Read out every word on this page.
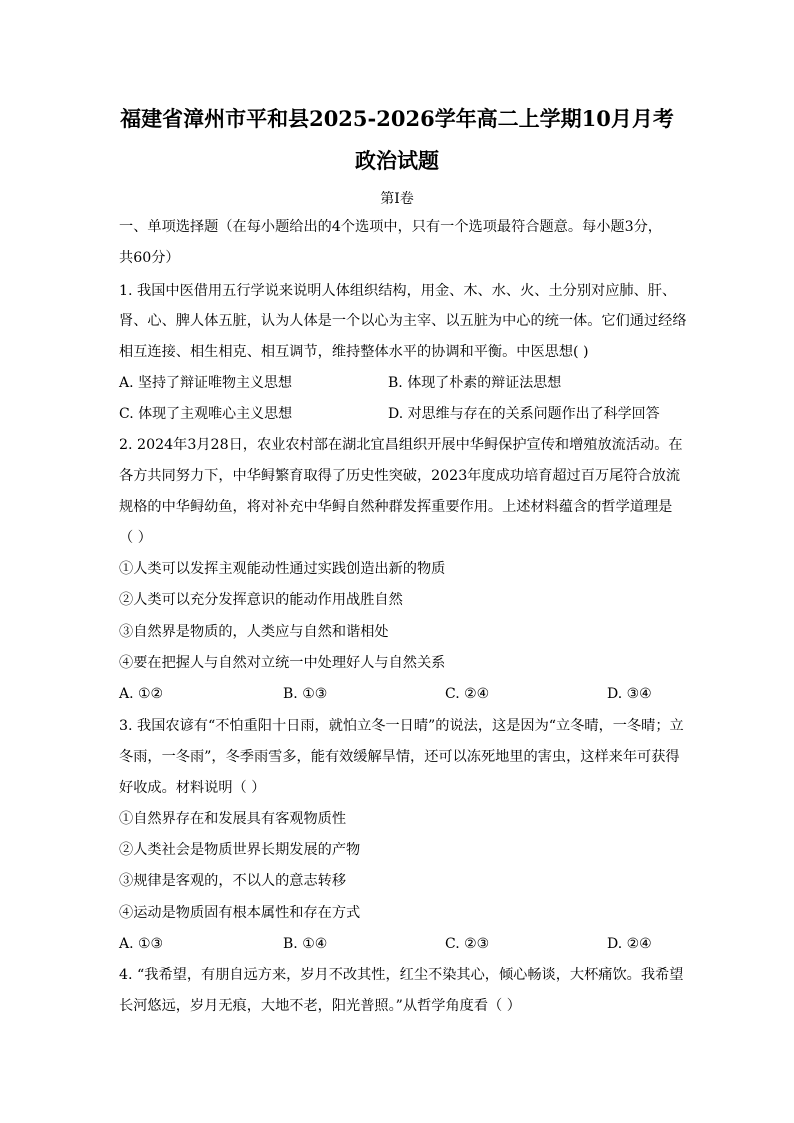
福建省漳州市平和县2025-2026学年高二上学期10月月考
政治试题
第I卷
一、单项选择题（在每小题给出的4个选项中，只有一个选项最符合题意。每小题3分，
共60分）
1. 我国中医借用五行学说来说明人体组织结构，用金、木、水、火、土分别对应肺、肝、
肾、心、脾人体五脏，认为人体是一个以心为主宰、以五脏为中心的统一体。它们通过经络
相互连接、相生相克、相互调节，维持整体水平的协调和平衡。中医思想( )
A. 坚持了辩证唯物主义思想	B. 体现了朴素的辩证法思想
C. 体现了主观唯心主义思想	D. 对思维与存在的关系问题作出了科学回答
2. 2024年3月28日，农业农村部在湖北宜昌组织开展中华鲟保护宣传和增殖放流活动。在
各方共同努力下，中华鲟繁育取得了历史性突破，2023年度成功培育超过百万尾符合放流
规格的中华鲟幼鱼，将对补充中华鲟自然种群发挥重要作用。上述材料蕴含的哲学道理是
（ ）
①人类可以发挥主观能动性通过实践创造出新的物质
②人类可以充分发挥意识的能动作用战胜自然
③自然界是物质的，人类应与自然和谐相处
④要在把握人与自然对立统一中处理好人与自然关系
A. ①②	B. ①③	C. ②④	D. ③④
3. 我国农谚有“不怕重阳十日雨，就怕立冬一日晴”的说法，这是因为“立冬晴，一冬晴；立
冬雨，一冬雨”，冬季雨雪多，能有效缓解旱情，还可以冻死地里的害虫，这样来年可获得
好收成。材料说明（ ）
①自然界存在和发展具有客观物质性
②人类社会是物质世界长期发展的产物
③规律是客观的，不以人的意志转移
④运动是物质固有根本属性和存在方式
A. ①③	B. ①④	C. ②③	D. ②④
4. “我希望，有朋自远方来，岁月不改其性，红尘不染其心，倾心畅谈，大杯痛饮。我希望
长河悠远，岁月无痕，大地不老，阳光普照。”从哲学角度看（ ）
